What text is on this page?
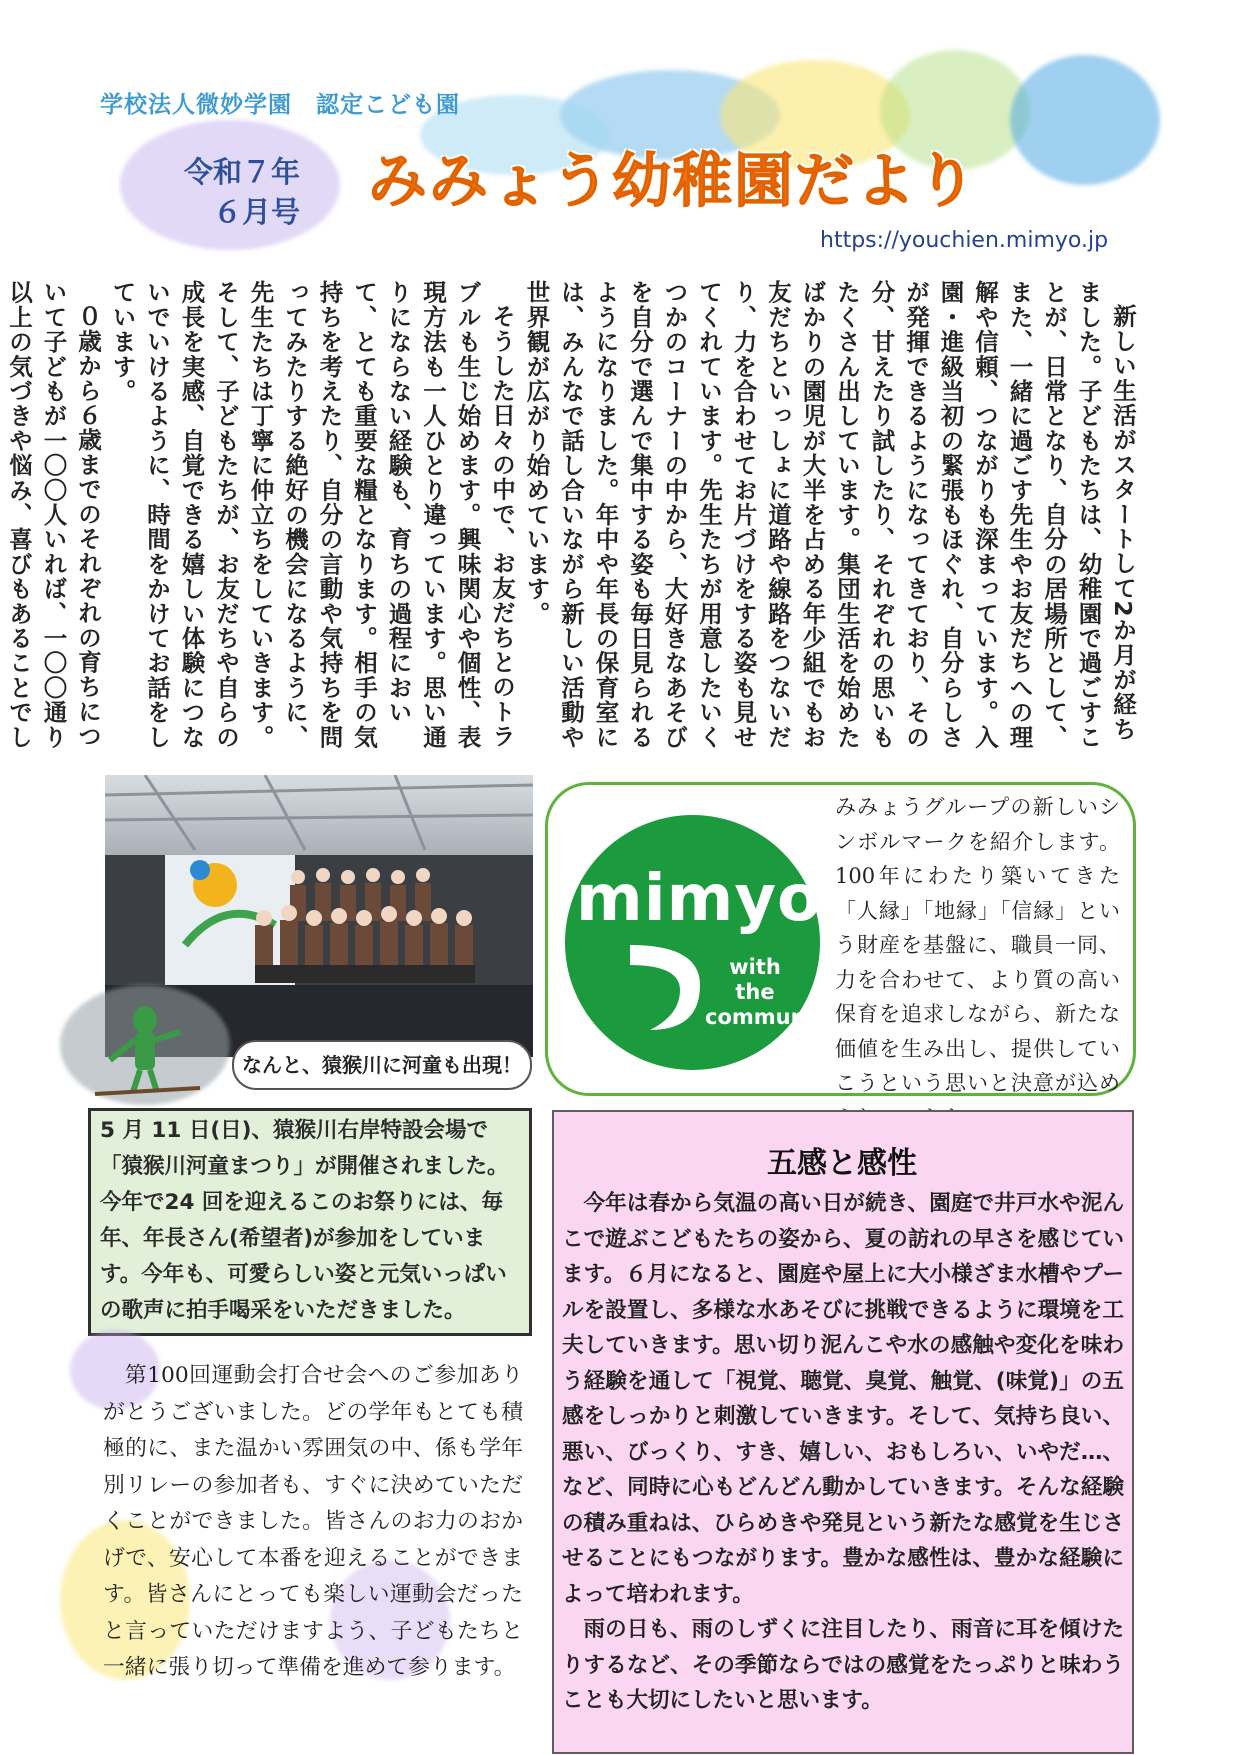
学校法人微妙学園　認定こども園
令和７年
６月号 みみょう幼稚園だより
https://youchien.mimyo.jp

新しい生活がスタートして2か月が経ちました。子どもたちは、幼稚園で過ごすことが、日常となり、自分の居場所として、また、一緒に過ごす先生やお友だちへの理解や信頼、つながりも深まっています。入園・進級当初の緊張もほぐれ、自分らしさが発揮できるようになってきており、その分、甘えたり試したり、それぞれの思いもたくさん出しています。集団生活を始めたばかりの園児が大半を占める年少組でもお友だちといっしょに道路や線路をつないだり、力を合わせてお片づけをする姿も見せてくれています。先生たちが用意したいくつかのコーナーの中から、大好きなあそびを自分で選んで集中する姿も毎日見られるようになりました。年中や年長の保育室には、みんなで話し合いながら新しい活動や世界観が広がり始めています。

そうした日々の中で、お友だちとのトラブルも生じ始めます。興味関心や個性、表現方法も一人ひとり違っています。思い通りにならない経験も、育ちの過程において、とても重要な糧となります。相手の気持ちを考えたり、自分の言動や気持ちを問ってみたりする絶好の機会になるように、先生たちは丁寧に仲立ちをしていきます。そして、子どもたちが、お友だちや自らの成長を実感、自覚できる嬉しい体験につないでいけるように、時間をかけてお話をしています。

０歳から６歳までのそれぞれの育ちについて子どもが一〇〇人いれば、一〇〇通り以上の気づきや悩み、喜びもあることでし

なんと、猿猴川に河童も出現！
mimyo
with
the
community
みみょうグループの新しいシンボルマークを紹介します。100年にわたり築いてきた「人縁」「地縁」「信縁」という財産を基盤に、職員一同、力を合わせて、より質の高い保育を追求しながら、新たな価値を生み出し、提供していこうという思いと決意が込め
5 月 11 日(日)、猿猴川右岸特設会場で「猿猴川河童まつり」が開催されました。今年で24 回を迎えるこのお祭りには、毎年、年長さん(希望者)が参加をしています。今年も、可愛らしい姿と元気いっぱいの歌声に拍手喝采をいただきました。
第100回運動会打合せ会へのご参加ありがとうございました。どの学年もとても積極的に、また温かい雰囲気の中、係も学年別リレーの参加者も、すぐに決めていただくことができました。皆さんのお力のおかげで、安心して本番を迎えることができます。皆さんにとっても楽しい運動会だったと言っていただけますよう、子どもたちと一緒に張り切って準備を進めて参ります。
五感と感性

今年は春から気温の高い日が続き、園庭で井戸水や泥んこで遊ぶこどもたちの姿から、夏の訪れの早さを感じています。６月になると、園庭や屋上に大小様ざま水槽やプールを設置し、多様な水あそびに挑戦できるように環境を工夫していきます。思い切り泥んこや水の感触や変化を味わう経験を通して「視覚、聴覚、臭覚、触覚、(味覚)」の五感をしっかりと刺激していきます。そして、気持ち良い、悪い、びっくり、すき、嬉しい、おもしろい、いやだ…、など、同時に心もどんどん動かしていきます。そんな経験の積み重ねは、ひらめきや発見という新たな感覚を生じさせることにもつながります。豊かな感性は、豊かな経験によって培われます。

雨の日も、雨のしずくに注目したり、雨音に耳を傾けたりするなど、その季節ならではの感覚をたっぷりと味わうことも大切にしたいと思います。
